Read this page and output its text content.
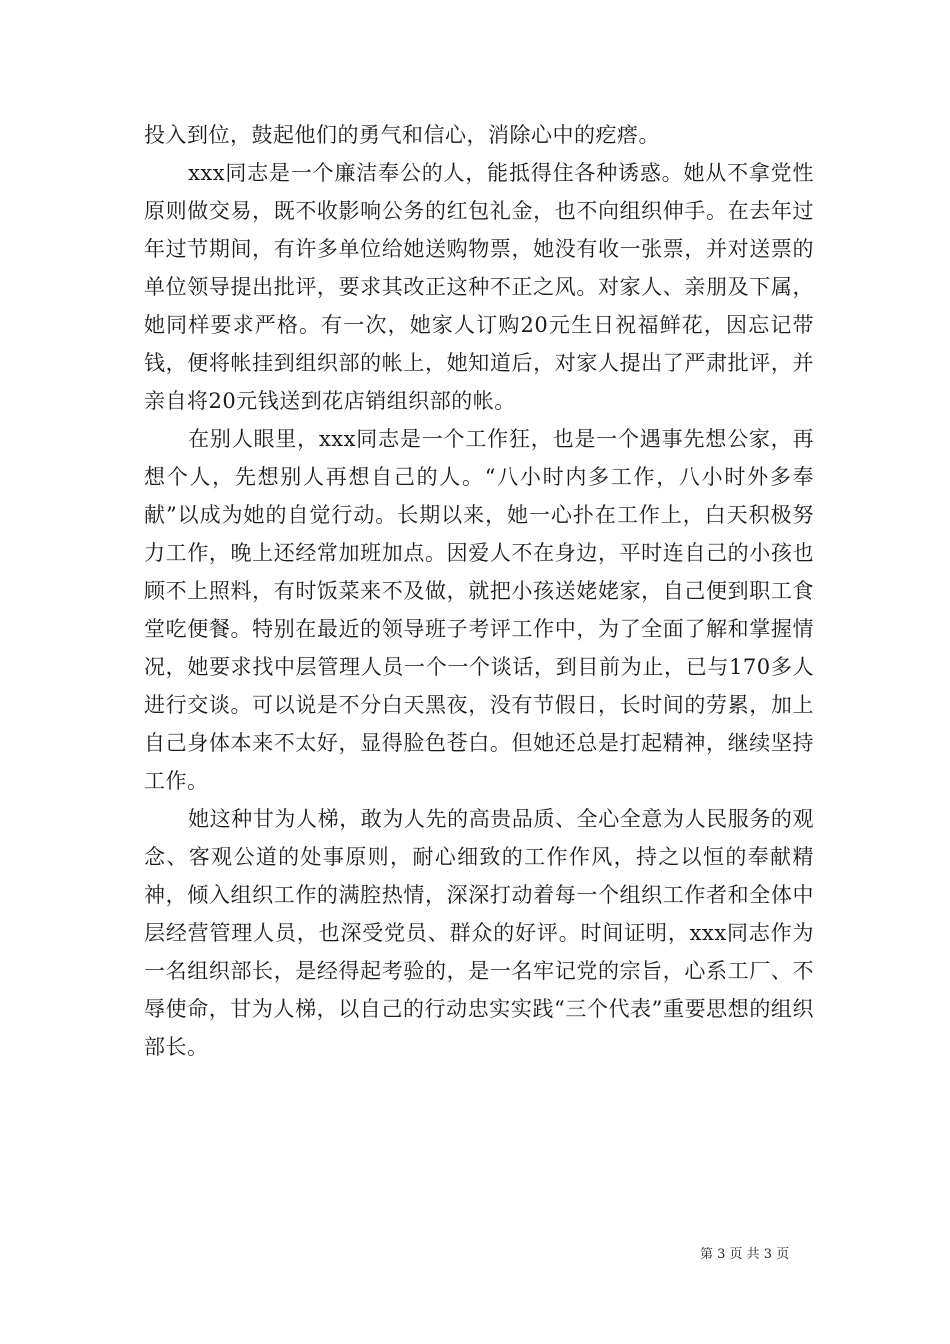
投入到位，鼓起他们的勇气和信心，消除心中的疙瘩。

xxx同志是一个廉洁奉公的人，能抵得住各种诱惑。她从不拿党性原则做交易，既不收影响公务的红包礼金，也不向组织伸手。在去年过年过节期间，有许多单位给她送购物票，她没有收一张票，并对送票的单位领导提出批评，要求其改正这种不正之风。对家人、亲朋及下属，她同样要求严格。有一次，她家人订购20元生日祝福鲜花，因忘记带钱，便将帐挂到组织部的帐上，她知道后，对家人提出了严肃批评，并亲自将20元钱送到花店销组织部的帐。

在别人眼里，xxx同志是一个工作狂，也是一个遇事先想公家，再想个人，先想别人再想自己的人。“八小时内多工作，八小时外多奉献”以成为她的自觉行动。长期以来，她一心扑在工作上，白天积极努力工作，晚上还经常加班加点。因爱人不在身边，平时连自己的小孩也顾不上照料，有时饭菜来不及做，就把小孩送姥姥家，自己便到职工食堂吃便餐。特别在最近的领导班子考评工作中，为了全面了解和掌握情况，她要求找中层管理人员一个一个谈话，到目前为止，已与170多人进行交谈。可以说是不分白天黑夜，没有节假日，长时间的劳累，加上自己身体本来不太好，显得脸色苍白。但她还总是打起精神，继续坚持工作。

她这种甘为人梯，敢为人先的高贵品质、全心全意为人民服务的观念、客观公道的处事原则，耐心细致的工作作风，持之以恒的奉献精神，倾入组织工作的满腔热情，深深打动着每一个组织工作者和全体中层经营管理人员，也深受党员、群众的好评。时间证明，xxx同志作为一名组织部长，是经得起考验的，是一名牢记党的宗旨，心系工厂、不辱使命，甘为人梯，以自己的行动忠实实践“三个代表”重要思想的组织部长。

第 3 页 共 3 页
